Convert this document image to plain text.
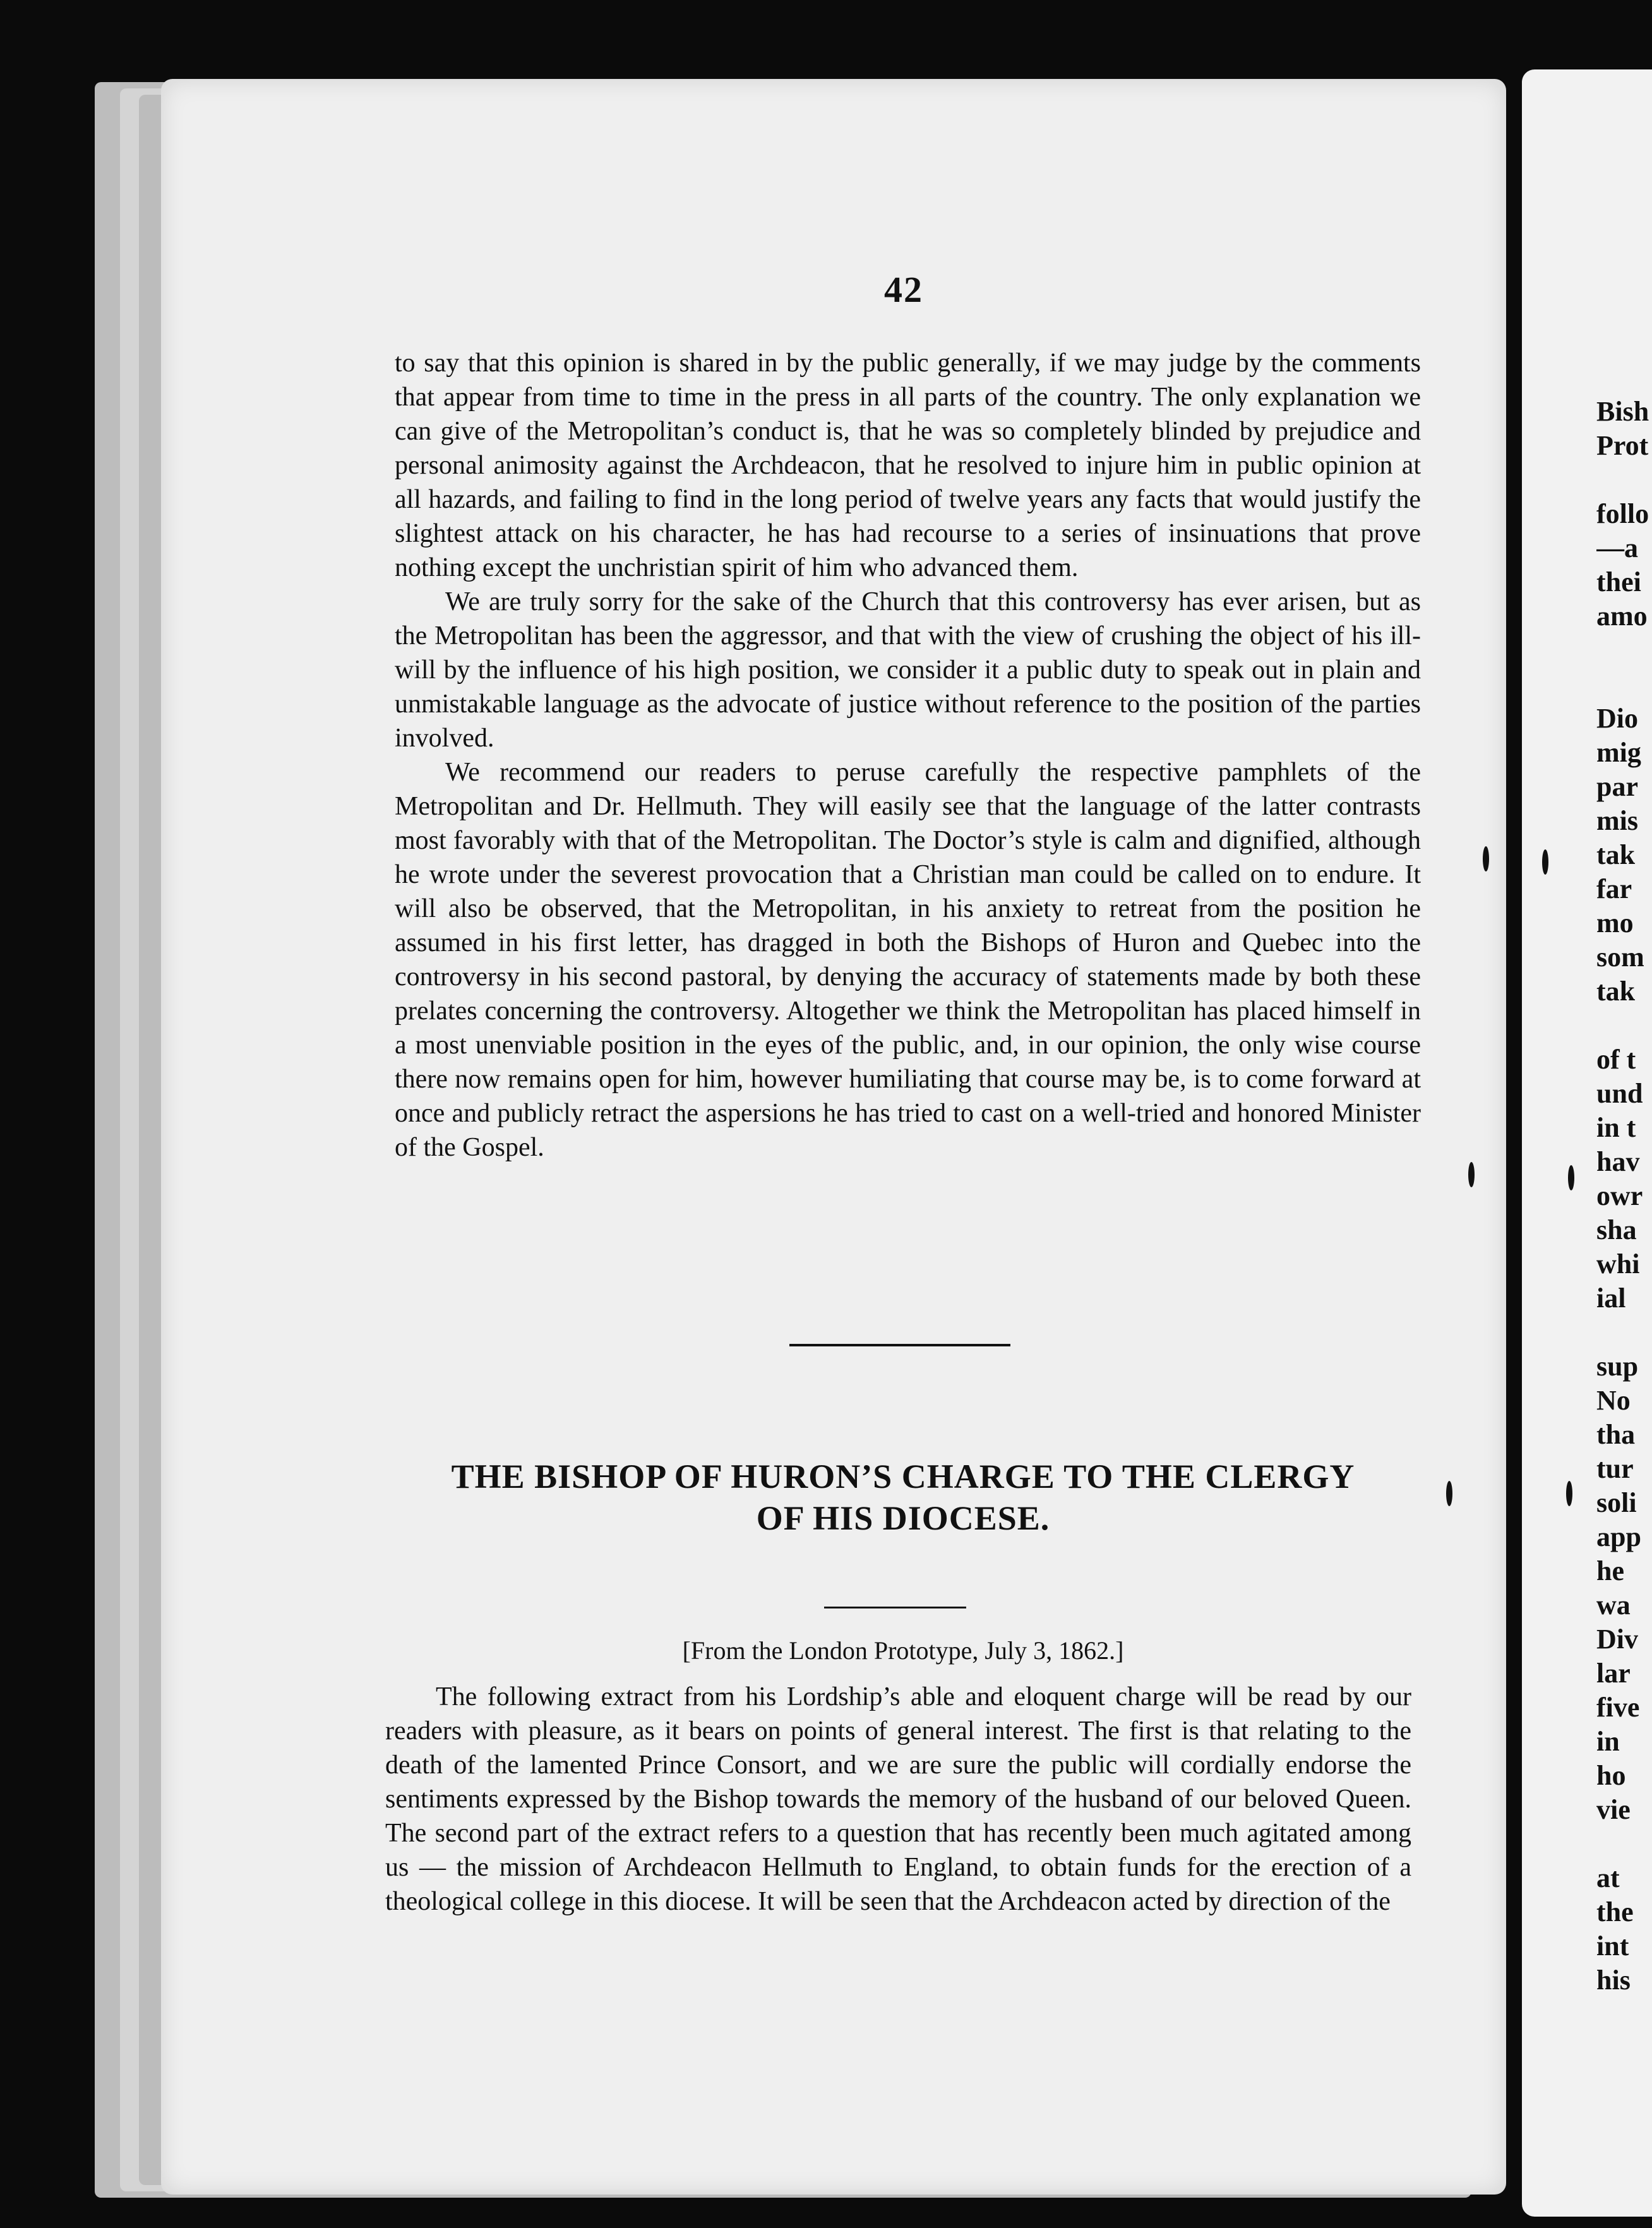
Bish
Prot
follo
—a
thei
amo
Dio
mig
par
mis
tak
far
mo
som
tak
of t
und
in t
hav
owr
sha
whi
ial
sup
No
tha
tur
soli
app
he
wa
Div
lar
five
in
ho
vie
at
the
int
his
42

to say that this opinion is shared in by the public generally, if we may judge by the comments that appear from time to time in the press in all parts of the country. The only explanation we can give of the Metropolitan’s conduct is, that he was so completely blinded by prejudice and personal animosity against the Archdeacon, that he resolved to injure him in public opinion at all hazards, and failing to find in the long period of twelve years any facts that would justify the slightest attack on his character, he has had recourse to a series of insinuations that prove nothing except the unchristian spirit of him who advanced them.

We are truly sorry for the sake of the Church that this controversy has ever arisen, but as the Metropolitan has been the aggressor, and that with the view of crushing the object of his ill-will by the influence of his high position, we consider it a public duty to speak out in plain and unmistakable language as the advocate of justice without reference to the position of the parties involved.

We recommend our readers to peruse carefully the respective pamphlets of the Metropolitan and Dr. Hellmuth. They will easily see that the language of the latter contrasts most favorably with that of the Metropolitan. The Doctor’s style is calm and dignified, although he wrote under the severest provocation that a Christian man could be called on to endure. It will also be observed, that the Metropolitan, in his anxiety to retreat from the position he assumed in his first letter, has dragged in both the Bishops of Huron and Quebec into the controversy in his second pastoral, by denying the accuracy of statements made by both these prelates concerning the controversy. Altogether we think the Metropolitan has placed himself in a most unenviable position in the eyes of the public, and, in our opinion, the only wise course there now remains open for him, however humiliating that course may be, is to come forward at once and publicly retract the aspersions he has tried to cast on a well-tried and honored Minister of the Gospel.

THE BISHOP OF HURON’S CHARGE TO THE CLERGY
OF HIS DIOCESE.
[From the London Prototype, July 3, 1862.]

The following extract from his Lordship’s able and eloquent charge will be read by our readers with pleasure, as it bears on points of general interest. The first is that relating to the death of the lamented Prince Consort, and we are sure the public will cordially endorse the sentiments expressed by the Bishop towards the memory of the husband of our beloved Queen. The second part of the extract refers to a question that has recently been much agitated among us — the mission of Archdeacon Hellmuth to England, to obtain funds for the erection of a theological college in this diocese. It will be seen that the Archdeacon acted by direction of the
